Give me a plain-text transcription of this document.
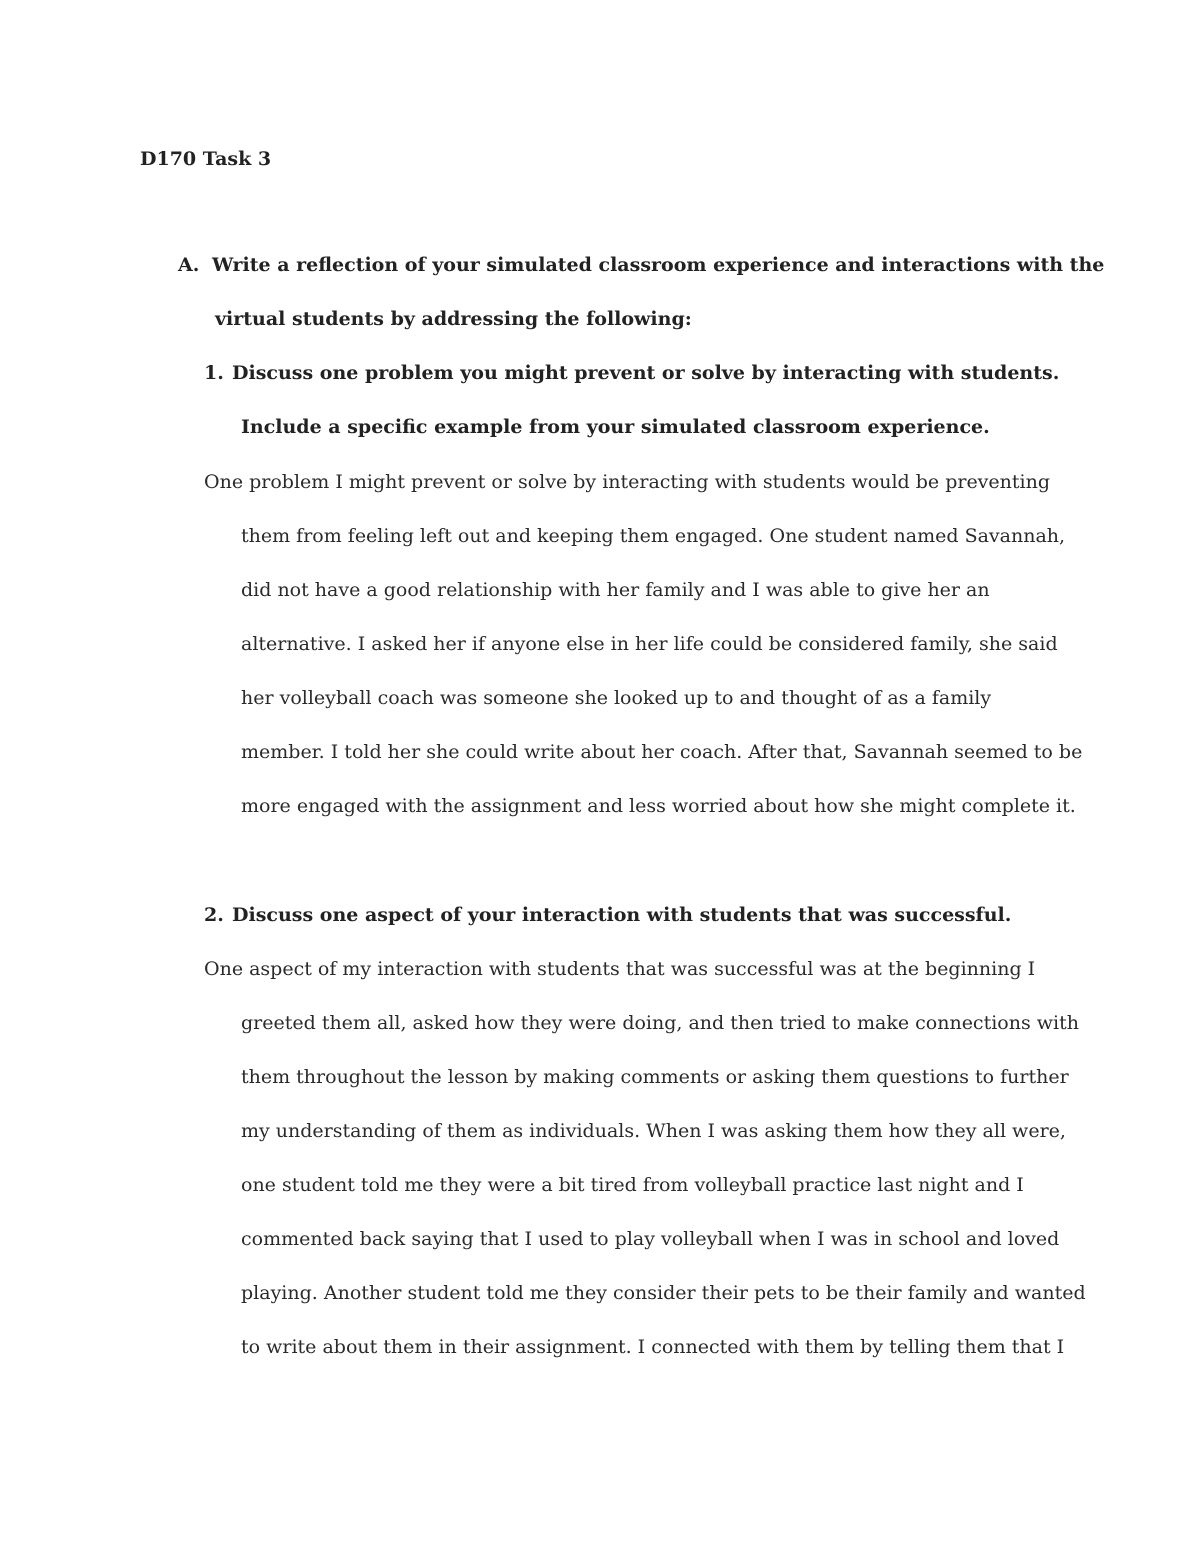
D170 Task 3
A. Write a reflection of your simulated classroom experience and interactions with the
virtual students by addressing the following:
1. Discuss one problem you might prevent or solve by interacting with students.
Include a specific example from your simulated classroom experience.
One problem I might prevent or solve by interacting with students would be preventing
them from feeling left out and keeping them engaged. One student named Savannah,
did not have a good relationship with her family and I was able to give her an
alternative. I asked her if anyone else in her life could be considered family, she said
her volleyball coach was someone she looked up to and thought of as a family
member. I told her she could write about her coach. After that, Savannah seemed to be
more engaged with the assignment and less worried about how she might complete it.
2. Discuss one aspect of your interaction with students that was successful.
One aspect of my interaction with students that was successful was at the beginning I
greeted them all, asked how they were doing, and then tried to make connections with
them throughout the lesson by making comments or asking them questions to further
my understanding of them as individuals. When I was asking them how they all were,
one student told me they were a bit tired from volleyball practice last night and I
commented back saying that I used to play volleyball when I was in school and loved
playing. Another student told me they consider their pets to be their family and wanted
to write about them in their assignment. I connected with them by telling them that I
